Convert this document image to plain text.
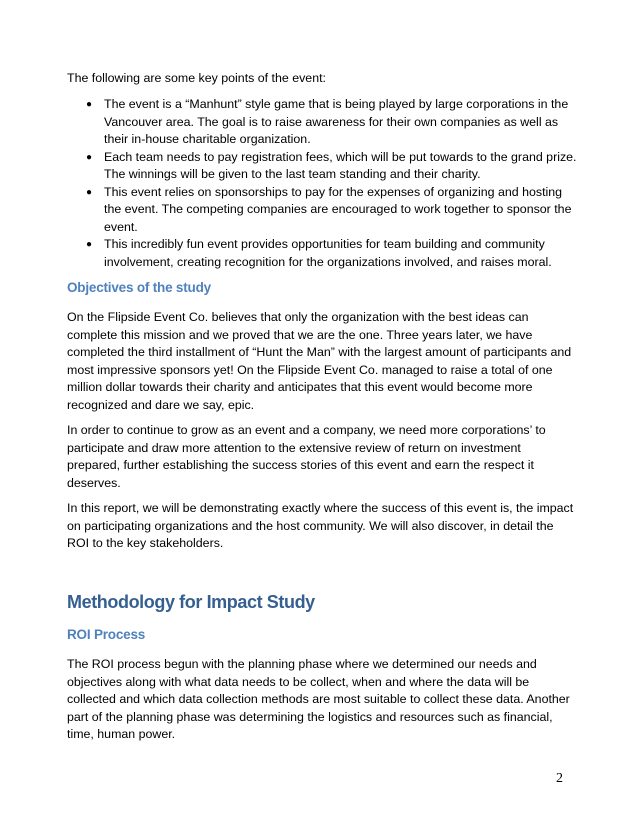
The following are some key points of the event:

● The event is a “Manhunt” style game that is being played by large corporations in the Vancouver area. The goal is to raise awareness for their own companies as well as their in-house charitable organization.
● Each team needs to pay registration fees, which will be put towards to the grand prize. The winnings will be given to the last team standing and their charity.
● This event relies on sponsorships to pay for the expenses of organizing and hosting the event. The competing companies are encouraged to work together to sponsor the event.
● This incredibly fun event provides opportunities for team building and community involvement, creating recognition for the organizations involved, and raises moral.
Objectives of the study

On the Flipside Event Co. believes that only the organization with the best ideas can complete this mission and we proved that we are the one. Three years later, we have completed the third installment of “Hunt the Man” with the largest amount of participants and most impressive sponsors yet! On the Flipside Event Co. managed to raise a total of one million dollar towards their charity and anticipates that this event would become more recognized and dare we say, epic.

In order to continue to grow as an event and a company, we need more corporations’ to participate and draw more attention to the extensive review of return on investment prepared, further establishing the success stories of this event and earn the respect it deserves.

In this report, we will be demonstrating exactly where the success of this event is, the impact on participating organizations and the host community. We will also discover, in detail the ROI to the key stakeholders.

Methodology for Impact Study
ROI Process

The ROI process begun with the planning phase where we determined our needs and objectives along with what data needs to be collect, when and where the data will be collected and which data collection methods are most suitable to collect these data. Another part of the planning phase was determining the logistics and resources such as financial, time, human power.

2
